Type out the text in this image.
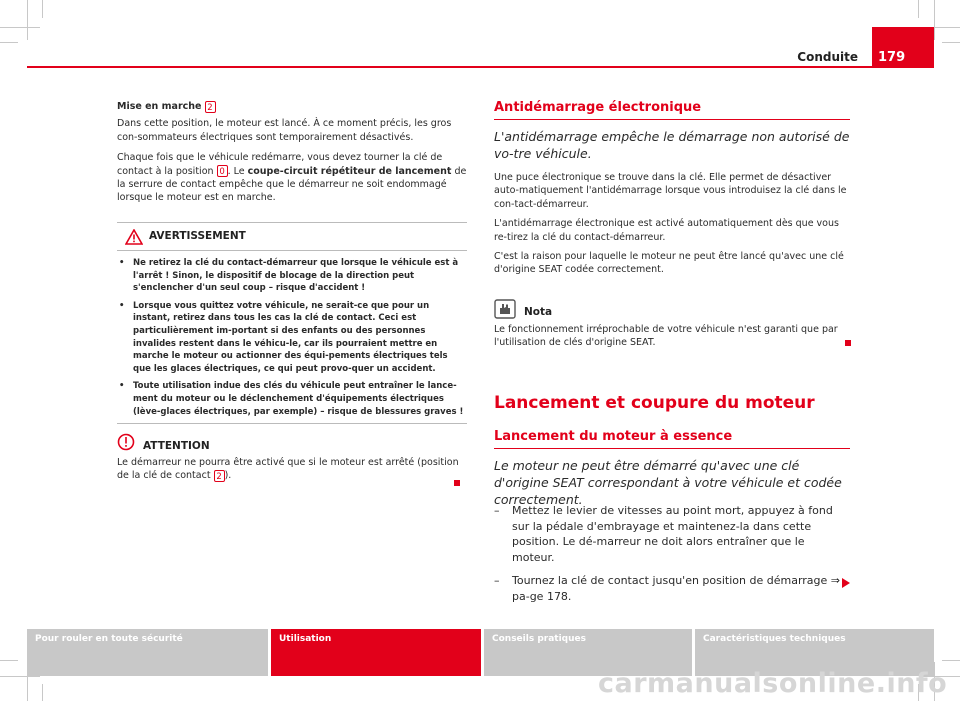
Conduite	179

Mise en marche 2

Dans cette position, le moteur est lancé. À ce moment précis, les gros con-sommateurs électriques sont temporairement désactivés.

Chaque fois que le véhicule redémarre, vous devez tourner la clé de contact à la position 0 . Le coupe-circuit répétiteur de lancement de la serrure de contact empêche que le démarreur ne soit endommagé lorsque le moteur est en marche.

AVERTISSEMENT
•	Ne retirez la clé du contact-démarreur que lorsque le véhicule est à l'arrêt ! Sinon, le dispositif de blocage de la direction peut s'enclencher d'un seul coup – risque d'accident !
•	Lorsque vous quittez votre véhicule, ne serait-ce que pour un instant, retirez dans tous les cas la clé de contact. Ceci est particulièrement im-portant si des enfants ou des personnes invalides restent dans le véhicu-le, car ils pourraient mettre en marche le moteur ou actionner des équi-pements électriques tels que les glaces électriques, ce qui peut provo-quer un accident.
•	Toute utilisation indue des clés du véhicule peut entraîner le lance-ment du moteur ou le déclenchement d'équipements électriques (lève-glaces électriques, par exemple) – risque de blessures graves !
ATTENTION
Le démarreur ne pourra être activé que si le moteur est arrêté (position de la clé de contact 2 ).
Antidémarrage électronique
L'antidémarrage empêche le démarrage non autorisé de vo-tre véhicule.

Une puce électronique se trouve dans la clé. Elle permet de désactiver auto-matiquement l'antidémarrage lorsque vous introduisez la clé dans le con-tact-démarreur.

L'antidémarrage électronique est activé automatiquement dès que vous re-tirez la clé du contact-démarreur.

C'est la raison pour laquelle le moteur ne peut être lancé qu'avec une clé d'origine SEAT codée correctement.

Nota
Le fonctionnement irréprochable de votre véhicule n'est garanti que par l'utilisation de clés d'origine SEAT.
Lancement et coupure du moteur
Lancement du moteur à essence
Le moteur ne peut être démarré qu'avec une clé d'origine SEAT correspondant à votre véhicule et codée correctement.
–	Mettez le levier de vitesses au point mort, appuyez à fond sur la pédale d'embrayage et maintenez-la dans cette position. Le dé-marreur ne doit alors entraîner que le moteur.
–	Tournez la clé de contact jusqu'en position de démarrage ⇒ pa-ge 178.
Pour rouler en toute sécurité	Utilisation	Conseils pratiques	Caractéristiques techniques
carmanualsonline.info
